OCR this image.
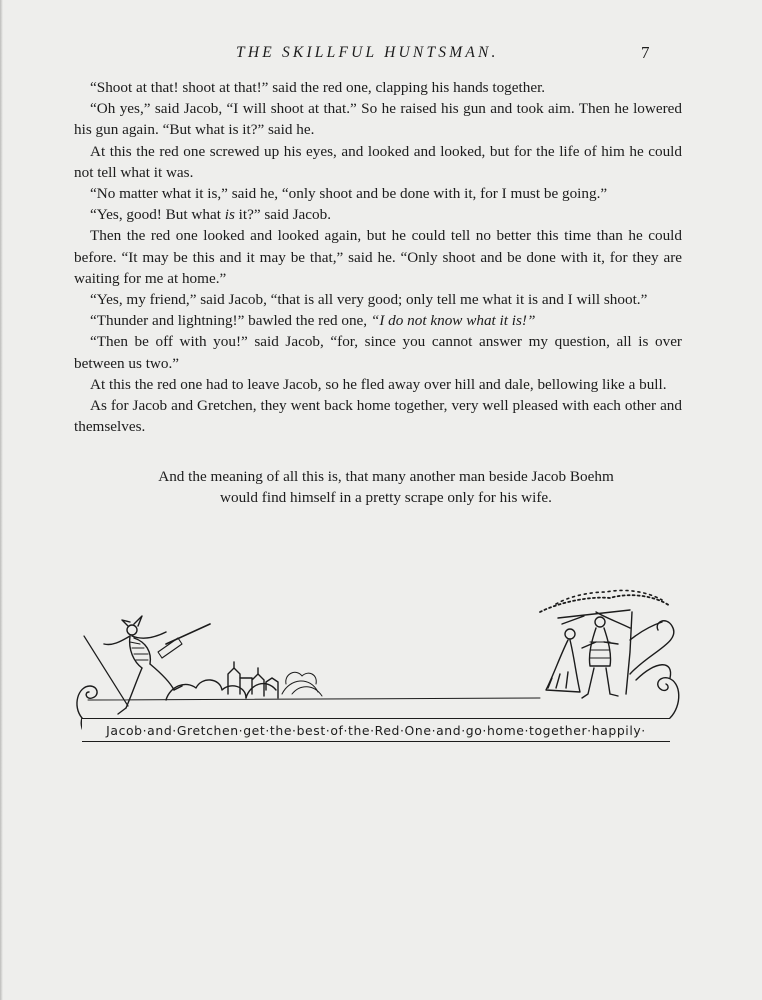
THE SKILLFUL HUNTSMAN.	7

“Shoot at that! shoot at that!” said the red one, clapping his hands together.

“Oh yes,” said Jacob, “I will shoot at that.” So he raised his gun and took aim. Then he lowered his gun again. “But what is it?” said he.

At this the red one screwed up his eyes, and looked and looked, but for the life of him he could not tell what it was.

“No matter what it is,” said he, “only shoot and be done with it, for I must be going.”

“Yes, good! But what is it?” said Jacob.

Then the red one looked and looked again, but he could tell no better this time than he could before. “It may be this and it may be that,” said he. “Only shoot and be done with it, for they are waiting for me at home.”

“Yes, my friend,” said Jacob, “that is all very good; only tell me what it is and I will shoot.”

“Thunder and lightning!” bawled the red one, “I do not know what it is!”

“Then be off with you!” said Jacob, “for, since you cannot answer my question, all is over between us two.”

At this the red one had to leave Jacob, so he fled away over hill and dale, bellowing like a bull.

As for Jacob and Gretchen, they went back home together, very well pleased with each other and themselves.

And the meaning of all this is, that many another man beside Jacob Boehm
would find himself in a pretty scrape only for his wife.
Jacob·and·Gretchen·get·the·best·of·the·Red·One·and·go·home·together·happily·
